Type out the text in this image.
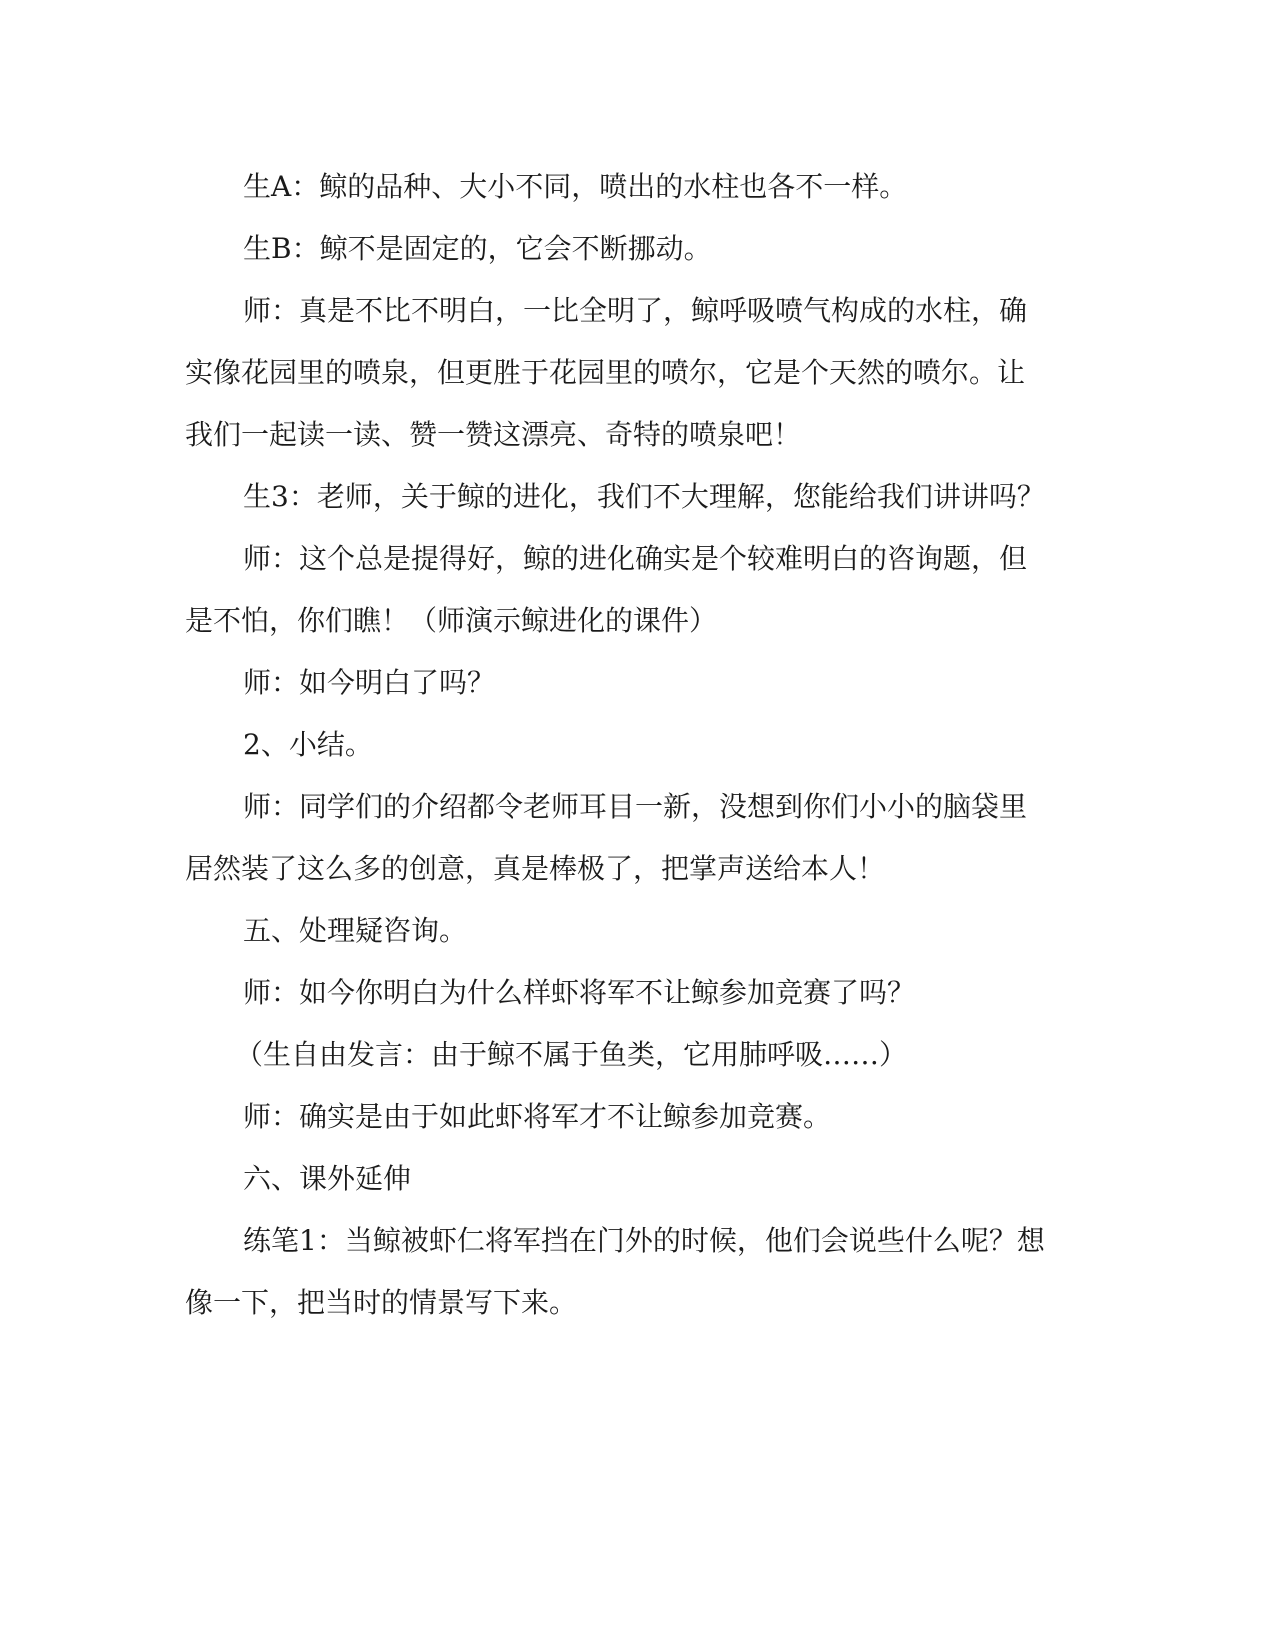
生A：鲸的品种、大小不同，喷出的水柱也各不一样。

生B：鲸不是固定的，它会不断挪动。

师：真是不比不明白，一比全明了，鲸呼吸喷气构成的水柱，确

实像花园里的喷泉，但更胜于花园里的喷尔，它是个天然的喷尔。让

我们一起读一读、赞一赞这漂亮、奇特的喷泉吧！

生3：老师，关于鲸的进化，我们不大理解，您能给我们讲讲吗？

师：这个总是提得好，鲸的进化确实是个较难明白的咨询题，但

是不怕，你们瞧！（师演示鲸进化的课件）

师：如今明白了吗？

2、小结。

师：同学们的介绍都令老师耳目一新，没想到你们小小的脑袋里

居然装了这么多的创意，真是棒极了，把掌声送给本人！

五、处理疑咨询。

师：如今你明白为什么样虾将军不让鲸参加竞赛了吗？

（生自由发言：由于鲸不属于鱼类，它用肺呼吸……）

师：确实是由于如此虾将军才不让鲸参加竞赛。

六、课外延伸

练笔1：当鲸被虾仁将军挡在门外的时候，他们会说些什么呢？想

像一下，把当时的情景写下来。
